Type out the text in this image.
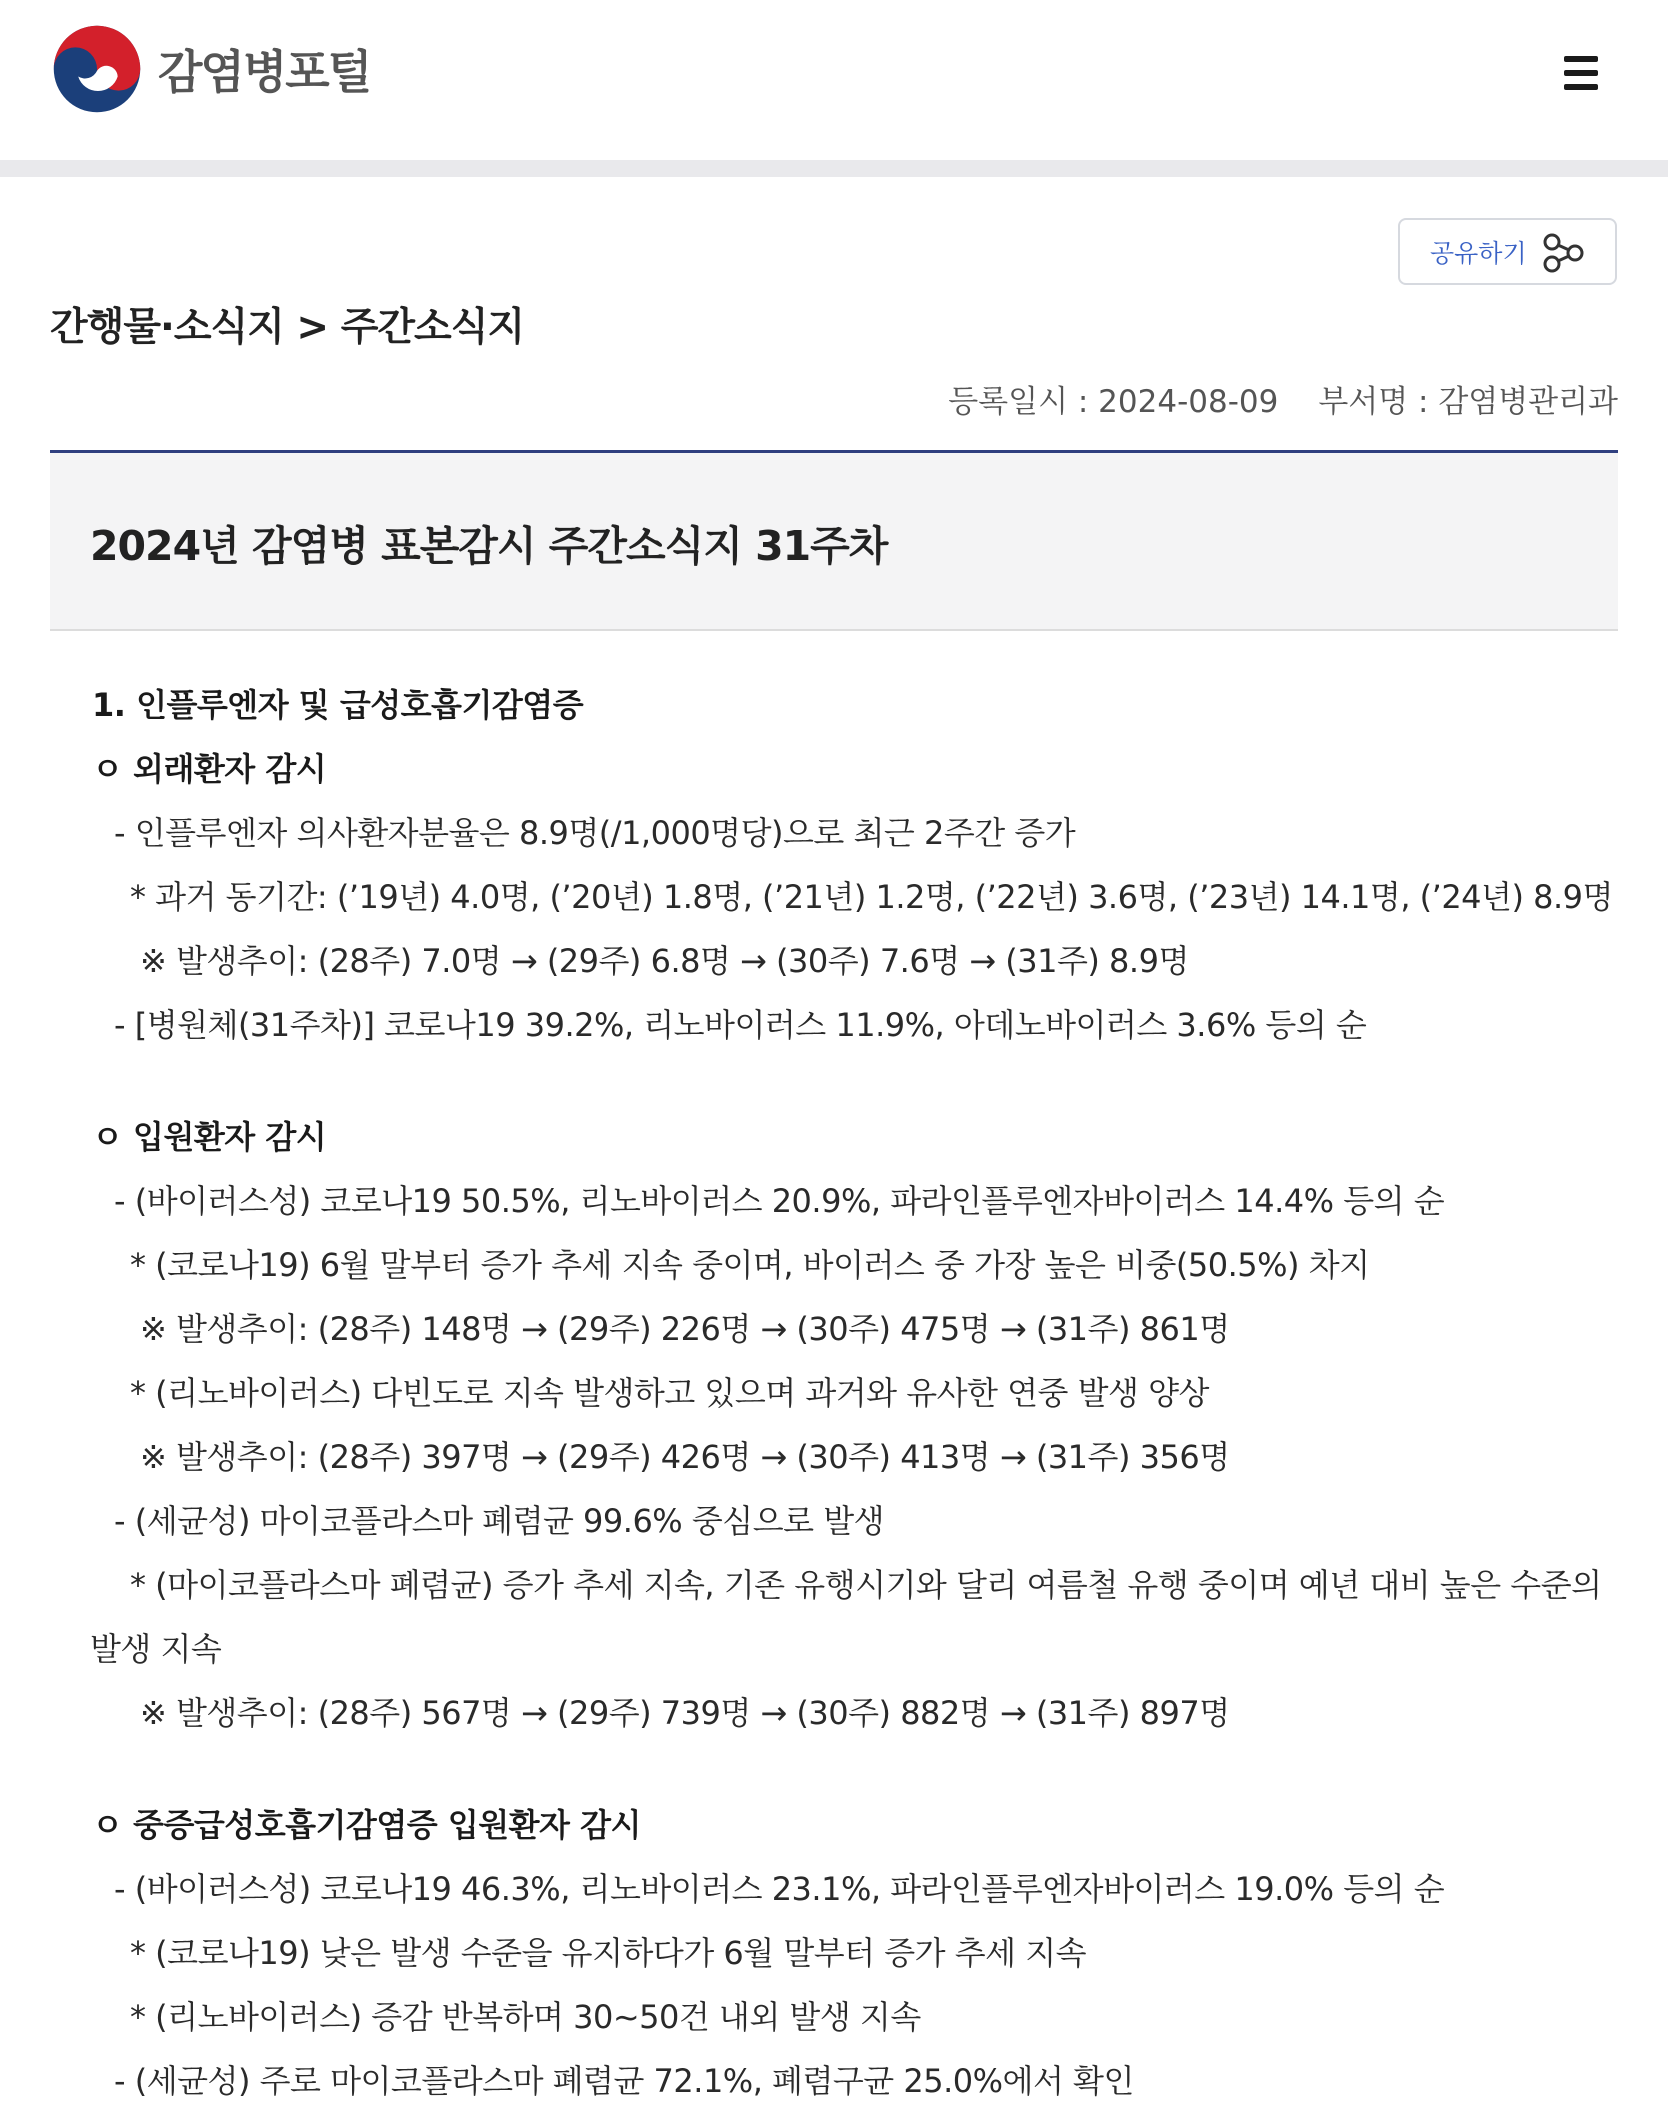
감염병포털
공유하기
간행물·소식지 > 주간소식지
등록일시 : 2024-08-09 부서명 : 감염병관리과
2024년 감염병 표본감시 주간소식지 31주차
1. 인플루엔자 및 급성호흡기감염증
ㅇ 외래환자 감시
- 인플루엔자 의사환자분율은 8.9명(/1,000명당)으로 최근 2주간 증가
* 과거 동기간: (’19년) 4.0명, (’20년) 1.8명, (’21년) 1.2명, (’22년) 3.6명, (’23년) 14.1명, (’24년) 8.9명
※ 발생추이: (28주) 7.0명 → (29주) 6.8명 → (30주) 7.6명 → (31주) 8.9명
- [병원체(31주차)] 코로나19 39.2%, 리노바이러스 11.9%, 아데노바이러스 3.6% 등의 순
ㅇ 입원환자 감시
- (바이러스성) 코로나19 50.5%, 리노바이러스 20.9%, 파라인플루엔자바이러스 14.4% 등의 순
* (코로나19) 6월 말부터 증가 추세 지속 중이며, 바이러스 중 가장 높은 비중(50.5%) 차지
※ 발생추이: (28주) 148명 → (29주) 226명 → (30주) 475명 → (31주) 861명
* (리노바이러스) 다빈도로 지속 발생하고 있으며 과거와 유사한 연중 발생 양상
※ 발생추이: (28주) 397명 → (29주) 426명 → (30주) 413명 → (31주) 356명
- (세균성) 마이코플라스마 폐렴균 99.6% 중심으로 발생
* (마이코플라스마 폐렴균) 증가 추세 지속, 기존 유행시기와 달리 여름철 유행 중이며 예년 대비 높은 수준의
발생 지속
※ 발생추이: (28주) 567명 → (29주) 739명 → (30주) 882명 → (31주) 897명
ㅇ 중증급성호흡기감염증 입원환자 감시
- (바이러스성) 코로나19 46.3%, 리노바이러스 23.1%, 파라인플루엔자바이러스 19.0% 등의 순
* (코로나19) 낮은 발생 수준을 유지하다가 6월 말부터 증가 추세 지속
* (리노바이러스) 증감 반복하며 30~50건 내외 발생 지속
- (세균성) 주로 마이코플라스마 폐렴균 72.1%, 폐렴구균 25.0%에서 확인
